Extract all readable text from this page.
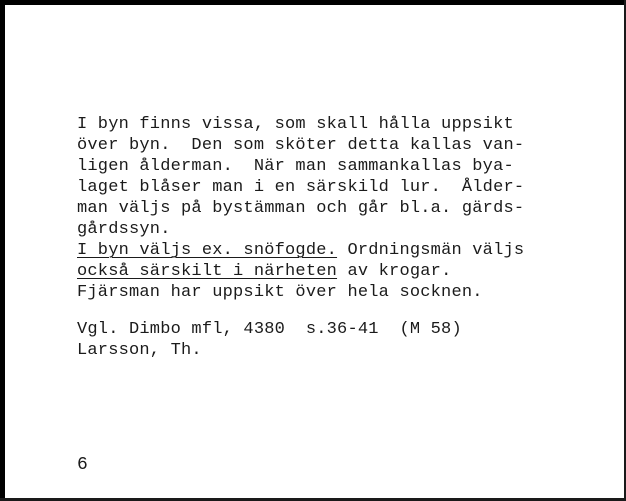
I byn finns vissa, som skall hålla uppsikt
över byn.  Den som sköter detta kallas van-
ligen ålderman.  När man sammankallas bya-
laget blåser man i en särskild lur.  Ålder-
man väljs på bystämman och går bl.a. gärds-
gårdssyn.
I byn väljs ex. snöfogde. Ordningsmän väljs
också särskilt i närheten av krogar.
Fjärsman har uppsikt över hela socknen.
Vgl. Dimbo mfl, 4380  s.36-41  (M 58)
Larsson, Th.
6
